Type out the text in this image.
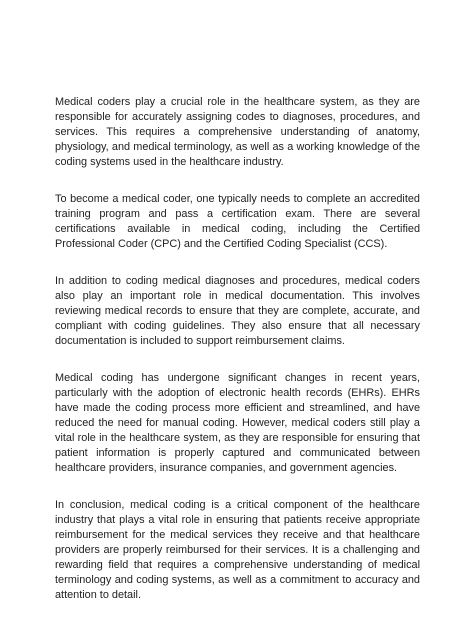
Medical coders play a crucial role in the healthcare system, as they are responsible for accurately assigning codes to diagnoses, procedures, and services. This requires a comprehensive understanding of anatomy, physiology, and medical terminology, as well as a working knowledge of the coding systems used in the healthcare industry.

To become a medical coder, one typically needs to complete an accredited training program and pass a certification exam. There are several certifications available in medical coding, including the Certified Professional Coder (CPC) and the Certified Coding Specialist (CCS).

In addition to coding medical diagnoses and procedures, medical coders also play an important role in medical documentation. This involves reviewing medical records to ensure that they are complete, accurate, and compliant with coding guidelines. They also ensure that all necessary documentation is included to support reimbursement claims.

Medical coding has undergone significant changes in recent years, particularly with the adoption of electronic health records (EHRs). EHRs have made the coding process more efficient and streamlined, and have reduced the need for manual coding. However, medical coders still play a vital role in the healthcare system, as they are responsible for ensuring that patient information is properly captured and communicated between healthcare providers, insurance companies, and government agencies.

In conclusion, medical coding is a critical component of the healthcare industry that plays a vital role in ensuring that patients receive appropriate reimbursement for the medical services they receive and that healthcare providers are properly reimbursed for their services. It is a challenging and rewarding field that requires a comprehensive understanding of medical terminology and coding systems, as well as a commitment to accuracy and attention to detail.
